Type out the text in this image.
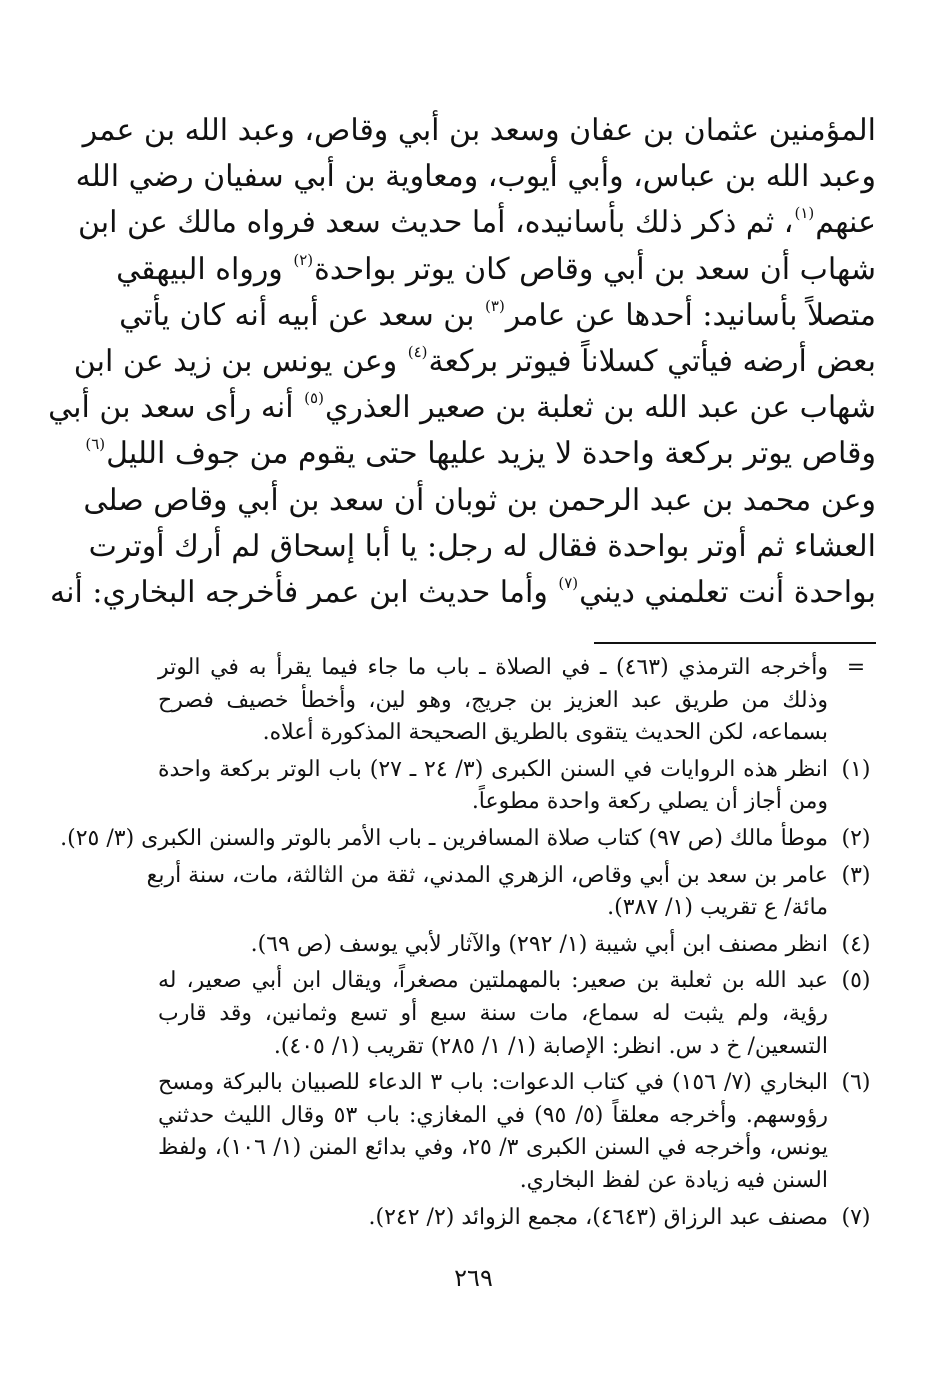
المؤمنين عثمان بن عفان وسعد بن أبي وقاص، وعبد الله بن عمر
وعبد الله بن عباس، وأبي أيوب، ومعاوية بن أبي سفيان رضي الله
عنهم$^{(١)}$، ثم ذكر ذلك بأسانيده، أما حديث سعد فرواه مالك عن ابن
شهاب أن سعد بن أبي وقاص كان يوتر بواحدة$^{(٢)}$ ورواه البيهقي
متصلاً بأسانيد: أحدها عن عامر$^{(٣)}$ بن سعد عن أبيه أنه كان يأتي
بعض أرضه فيأتي كسلاناً فيوتر بركعة$^{(٤)}$ وعن يونس بن زيد عن ابن
شهاب عن عبد الله بن ثعلبة بن صعير العذري$^{(٥)}$ أنه رأى سعد بن أبي
وقاص يوتر بركعة واحدة لا يزيد عليها حتى يقوم من جوف الليل$^{(٦)}$
وعن محمد بن عبد الرحمن بن ثوبان أن سعد بن أبي وقاص صلى
العشاء ثم أوتر بواحدة فقال له رجل: يا أبا إسحاق لم أرك أوترت
بواحدة أنت تعلمني ديني$^{(٧)}$ وأما حديث ابن عمر فأخرجه البخاري: أنه
=
وأخرجه الترمذي (٤٦٣) ـ في الصلاة ـ باب ما جاء فيما يقرأ به في الوتر
وذلك من طريق عبد العزيز بن جريج، وهو لين، وأخطأ خصيف فصرح
بسماعه، لكن الحديث يتقوى بالطريق الصحيحة المذكورة أعلاه.
(١)
انظر هذه الروايات في السنن الكبرى (٣/ ٢٤ ـ ٢٧) باب الوتر بركعة واحدة
ومن أجاز أن يصلي ركعة واحدة مطوعاً.
(٢)
موطأ مالك (ص ٩٧) كتاب صلاة المسافرين ـ باب الأمر بالوتر والسنن الكبرى (٣/ ٢٥).
(٣)
عامر بن سعد بن أبي وقاص، الزهري المدني، ثقة من الثالثة، مات، سنة أربع
مائة/ ع تقريب (١/ ٣٨٧).
(٤)
انظر مصنف ابن أبي شيبة (١/ ٢٩٢) والآثار لأبي يوسف (ص ٦٩).
(٥)
عبد الله بن ثعلبة بن صعير: بالمهملتين مصغراً، ويقال ابن أبي صعير، له
رؤية، ولم يثبت له سماع، مات سنة سبع أو تسع وثمانين، وقد قارب
التسعين/ خ د س. انظر: الإصابة (١/ ١/ ٢٨٥) تقريب (١/ ٤٠٥).
(٦)
البخاري (٧/ ١٥٦) في كتاب الدعوات: باب ٣ الدعاء للصبيان بالبركة ومسح
رؤوسهم. وأخرجه معلقاً (٥/ ٩٥) في المغازي: باب ٥٣ وقال الليث حدثني
يونس، وأخرجه في السنن الكبرى ٣/ ٢٥، وفي بدائع المنن (١/ ١٠٦)، ولفظ
السنن فيه زيادة عن لفظ البخاري.
(٧)
مصنف عبد الرزاق (٤٦٤٣)، مجمع الزوائد (٢/ ٢٤٢).
٢٦٩
